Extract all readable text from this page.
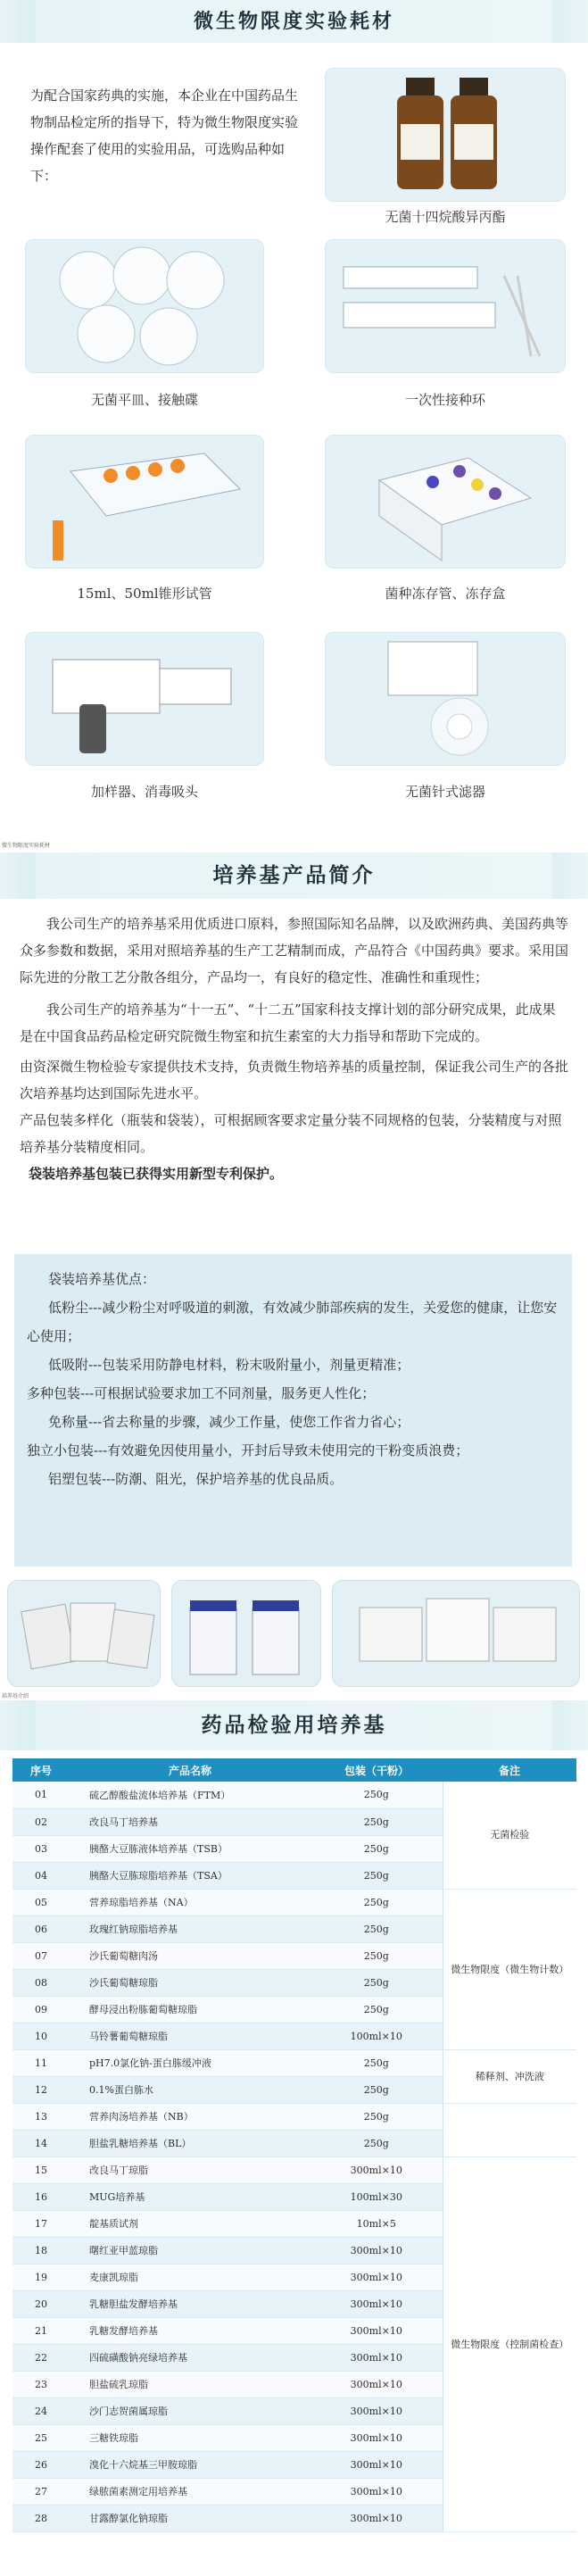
微生物限度实验耗材

为配合国家药典的实施，本企业在中国药品生物制品检定所的指导下，特为微生物限度实验操作配套了使用的实验用品，可选购品种如下：

无菌十四烷酸异丙酯
无菌平皿、接触碟	一次性接种环
15ml、50ml锥形试管	菌种冻存管、冻存盒
加样器、消毒吸头	无菌针式滤器
微生物限度实验耗材
培养基产品简介

我公司生产的培养基采用优质进口原料，参照国际知名品牌，以及欧洲药典、美国药典等众多参数和数据，采用对照培养基的生产工艺精制而成，产品符合《中国药典》要求。采用国际先进的分散工艺分散各组分，产品均一，有良好的稳定性、准确性和重现性；

我公司生产的培养基为“十一五”、“十二五”国家科技支撑计划的部分研究成果，此成果是在中国食品药品检定研究院微生物室和抗生素室的大力指导和帮助下完成的。

由资深微生物检验专家提供技术支持，负责微生物培养基的质量控制，保证我公司生产的各批次培养基均达到国际先进水平。

产品包装多样化（瓶装和袋装），可根据顾客要求定量分装不同规格的包装，分装精度与对照培养基分装精度相同。

袋装培养基包装已获得实用新型专利保护。

袋装培养基优点：
低粉尘---减少粉尘对呼吸道的刺激，有效减少肺部疾病的发生，关爱您的健康，让您安心使用；
低吸附---包装采用防静电材料，粉末吸附量小，剂量更精准；
多种包装---可根据试验要求加工不同剂量，服务更人性化；
免称量---省去称量的步骤，减少工作量，使您工作省力省心；
独立小包装---有效避免因使用量小，开封后导致未使用完的干粉变质浪费；
铝塑包装---防潮、阻光，保护培养基的优良品质。
培养基介绍
药品检验用培养基
序号	产品名称	包装（干粉）	备注
01	硫乙醇酸盐流体培养基（FTM）	250g	无菌检验
02	改良马丁培养基	250g	
03	胰酪大豆胨液体培养基（TSB）	250g	
04	胰酪大豆胨琼脂培养基（TSA）	250g	
05	营养琼脂培养基（NA）	250g	微生物限度（微生物计数）
06	玫瑰红钠琼脂培养基	250g	
07	沙氏葡萄糖肉汤	250g	
08	沙氏葡萄糖琼脂	250g	
09	酵母浸出粉胨葡萄糖琼脂	250g	
10	马铃薯葡萄糖琼脂	100ml×10	
11	pH7.0氯化钠-蛋白胨缓冲液	250g	稀释剂、冲洗液
12	0.1%蛋白胨水	250g	
13	营养肉汤培养基（NB）	250g	
14	胆盐乳糖培养基（BL）	250g	
15	改良马丁琼脂	300ml×10	微生物限度（控制菌检查）
16	MUG培养基	100ml×30	
17	靛基质试剂	10ml×5	
18	曙红亚甲蓝琼脂	300ml×10	
19	麦康凯琼脂	300ml×10	
20	乳糖胆盐发酵培养基	300ml×10	
21	乳糖发酵培养基	300ml×10	
22	四硫磺酸钠亮绿培养基	300ml×10	
23	胆盐硫乳琼脂	300ml×10	
24	沙门志贺菌属琼脂	300ml×10	
25	三糖铁琼脂	300ml×10	
26	溴化十六烷基三甲胺琼脂	300ml×10	
27	绿脓菌素测定用培养基	300ml×10	
28	甘露醇氯化钠琼脂	300ml×10	
